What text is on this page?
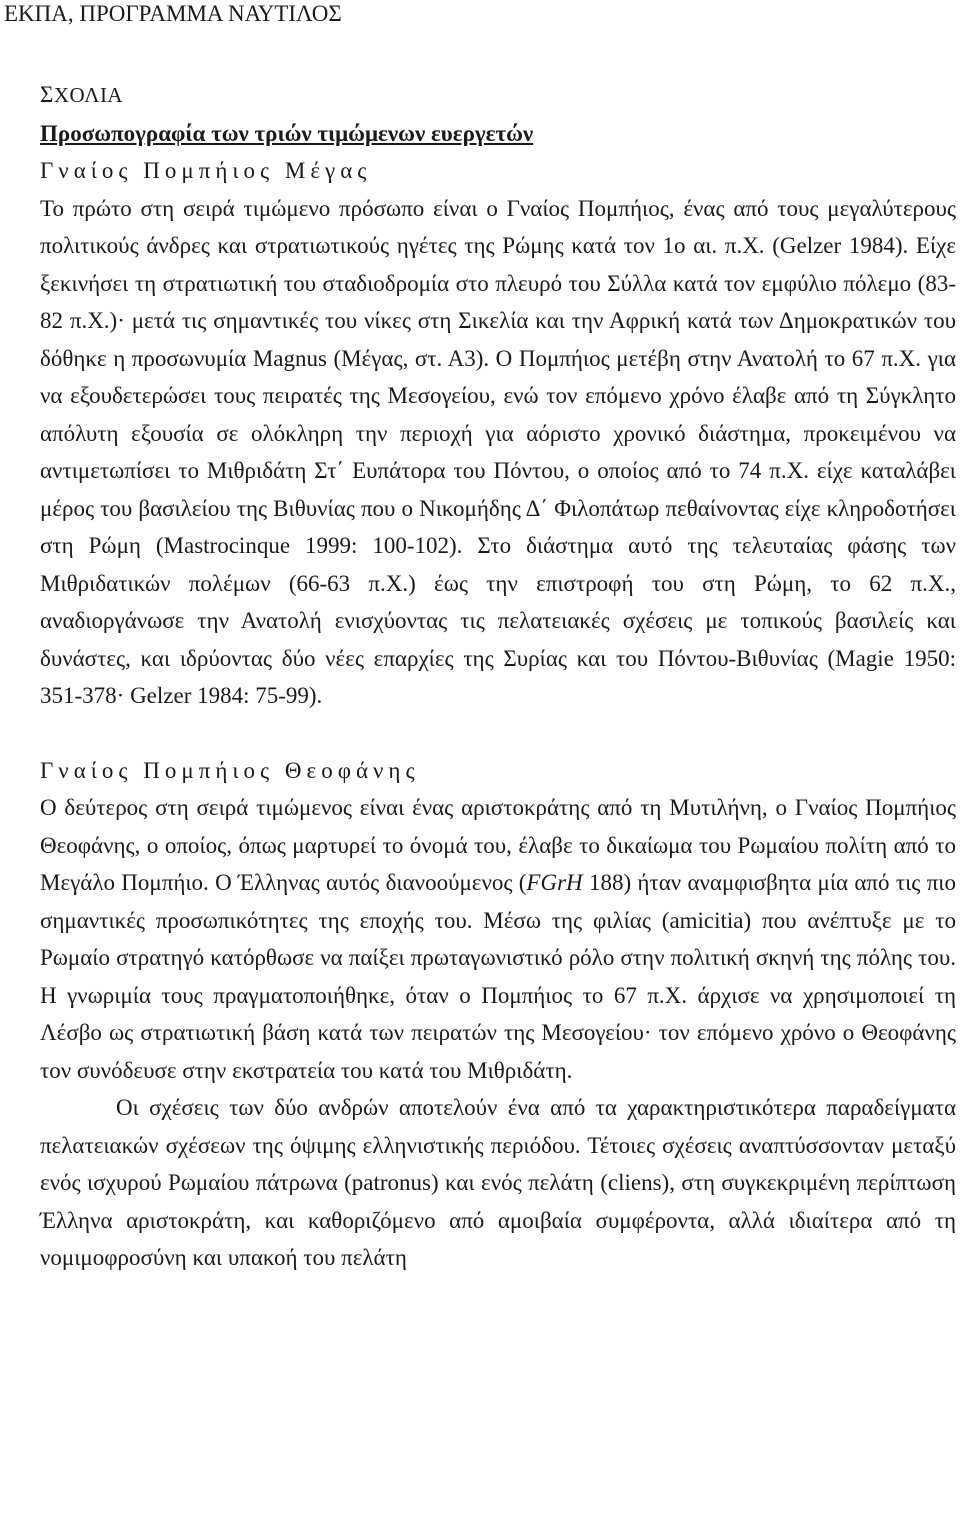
ΕΚΠΑ, ΠΡΟΓΡΑΜΜΑ ΝΑΥΤΙΛΟΣ

ΣΧΟΛΙΑ

Προσωπογραφία των τριών τιμώμενων ευεργετών

Γναίος Πομπήιος Μέγας

Το πρώτο στη σειρά τιμώμενο πρόσωπο είναι ο Γναίος Πομπήιος, ένας από τους μεγαλύτερους πολιτικούς άνδρες και στρατιωτικούς ηγέτες της Ρώμης κατά τον 1ο αι. π.Χ. (Gelzer 1984). Είχε ξεκινήσει τη στρατιωτική του σταδιοδρομία στο πλευρό του Σύλλα κατά τον εμφύλιο πόλεμο (83-82 π.Χ.)· μετά τις σημαντικές του νίκες στη Σικελία και την Αφρική κατά των Δημοκρατικών του δόθηκε η προσωνυμία Magnus (Μέγας, στ. Α3). Ο Πομπήιος μετέβη στην Ανατολή το 67 π.Χ. για να εξουδετερώσει τους πειρατές της Μεσογείου, ενώ τον επόμενο χρόνο έλαβε από τη Σύγκλητο απόλυτη εξουσία σε ολόκληρη την περιοχή για αόριστο χρονικό διάστημα, προκειμένου να αντιμετωπίσει το Μιθριδάτη Στ΄ Ευπάτορα του Πόντου, ο οποίος από το 74 π.Χ. είχε καταλάβει μέρος του βασιλείου της Βιθυνίας που ο Νικομήδης Δ΄ Φιλοπάτωρ πεθαίνοντας είχε κληροδοτήσει στη Ρώμη (Mastrocinque 1999: 100-102). Στο διάστημα αυτό της τελευταίας φάσης των Μιθριδατικών πολέμων (66-63 π.Χ.) έως την επιστροφή του στη Ρώμη, το 62 π.Χ., αναδιοργάνωσε την Ανατολή ενισχύοντας τις πελατειακές σχέσεις με τοπικούς βασιλείς και δυνάστες, και ιδρύοντας δύο νέες επαρχίες της Συρίας και του Πόντου-Βιθυνίας (Magie 1950: 351-378· Gelzer 1984: 75-99).

Γναίος Πομπήιος Θεοφάνης

Ο δεύτερος στη σειρά τιμώμενος είναι ένας αριστοκράτης από τη Μυτιλήνη, ο Γναίος Πομπήιος Θεοφάνης, ο οποίος, όπως μαρτυρεί το όνομά του, έλαβε το δικαίωμα του Ρωμαίου πολίτη από το Μεγάλο Πομπήιο. Ο Έλληνας αυτός διανοούμενος (FGrH 188) ήταν αναμφισβητα μία από τις πιο σημαντικές προσωπικότητες της εποχής του. Μέσω της φιλίας (amicitia) που ανέπτυξε με το Ρωμαίο στρατηγό κατόρθωσε να παίξει πρωταγωνιστικό ρόλο στην πολιτική σκηνή της πόλης του. Η γνωριμία τους πραγματοποιήθηκε, όταν ο Πομπήιος το 67 π.Χ. άρχισε να χρησιμοποιεί τη Λέσβο ως στρατιωτική βάση κατά των πειρατών της Μεσογείου· τον επόμενο χρόνο ο Θεοφάνης τον συνόδευσε στην εκστρατεία του κατά του Μιθριδάτη.

Οι σχέσεις των δύο ανδρών αποτελούν ένα από τα χαρακτηριστικότερα παραδείγματα πελατειακών σχέσεων της όψιμης ελληνιστικής περιόδου. Τέτοιες σχέσεις αναπτύσσονταν μεταξύ ενός ισχυρού Ρωμαίου πάτρωνα (patronus) και ενός πελάτη (cliens), στη συγκεκριμένη περίπτωση Έλληνα αριστοκράτη, και καθοριζόμενο από αμοιβαία συμφέροντα, αλλά ιδιαίτερα από τη νομιμοφροσύνη και υπακοή του πελάτη
